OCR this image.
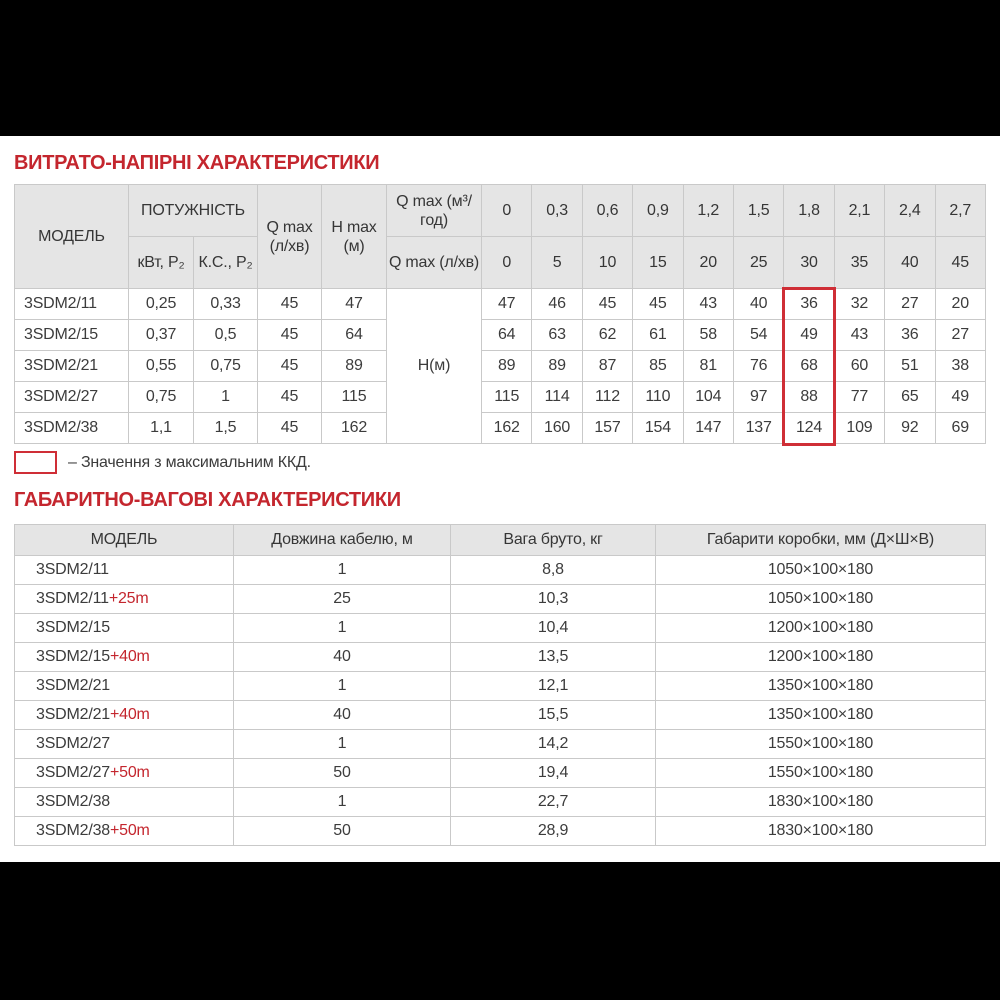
ВИТРАТО-НАПІРНІ ХАРАКТЕРИСТИКИ
МОДЕЛЬ	ПОТУЖНІСТЬ		Q max (л/хв)	H max (м)	Q max (м³/год)	0	0,3	0,6	0,9	1,2	1,5	1,8	2,1	2,4	2,7
	кВт, Р₂	К.С., Р₂			Q max (л/хв)	0	5	10	15	20	25	30	35	40	45
3SDM2/11	0,25	0,33	45	47	Н(м)	47	46	45	45	43	40	36	32	27	20
3SDM2/15	0,37	0,5	45	64		64	63	62	61	58	54	49	43	36	27
3SDM2/21	0,55	0,75	45	89		89	89	87	85	81	76	68	60	51	38
3SDM2/27	0,75	1	45	115		115	114	112	110	104	97	88	77	65	49
3SDM2/38	1,1	1,5	45	162		162	160	157	154	147	137	124	109	92	69
– Значення з максимальним ККД.
ГАБАРИТНО-ВАГОВІ ХАРАКТЕРИСТИКИ
МОДЕЛЬ	Довжина кабелю, м	Вага бруто, кг	Габарити коробки, мм (Д×Ш×В)
3SDM2/11	1	8,8	1050×100×180
3SDM2/11+25m	25	10,3	1050×100×180
3SDM2/15	1	10,4	1200×100×180
3SDM2/15+40m	40	13,5	1200×100×180
3SDM2/21	1	12,1	1350×100×180
3SDM2/21+40m	40	15,5	1350×100×180
3SDM2/27	1	14,2	1550×100×180
3SDM2/27+50m	50	19,4	1550×100×180
3SDM2/38	1	22,7	1830×100×180
3SDM2/38+50m	50	28,9	1830×100×180
